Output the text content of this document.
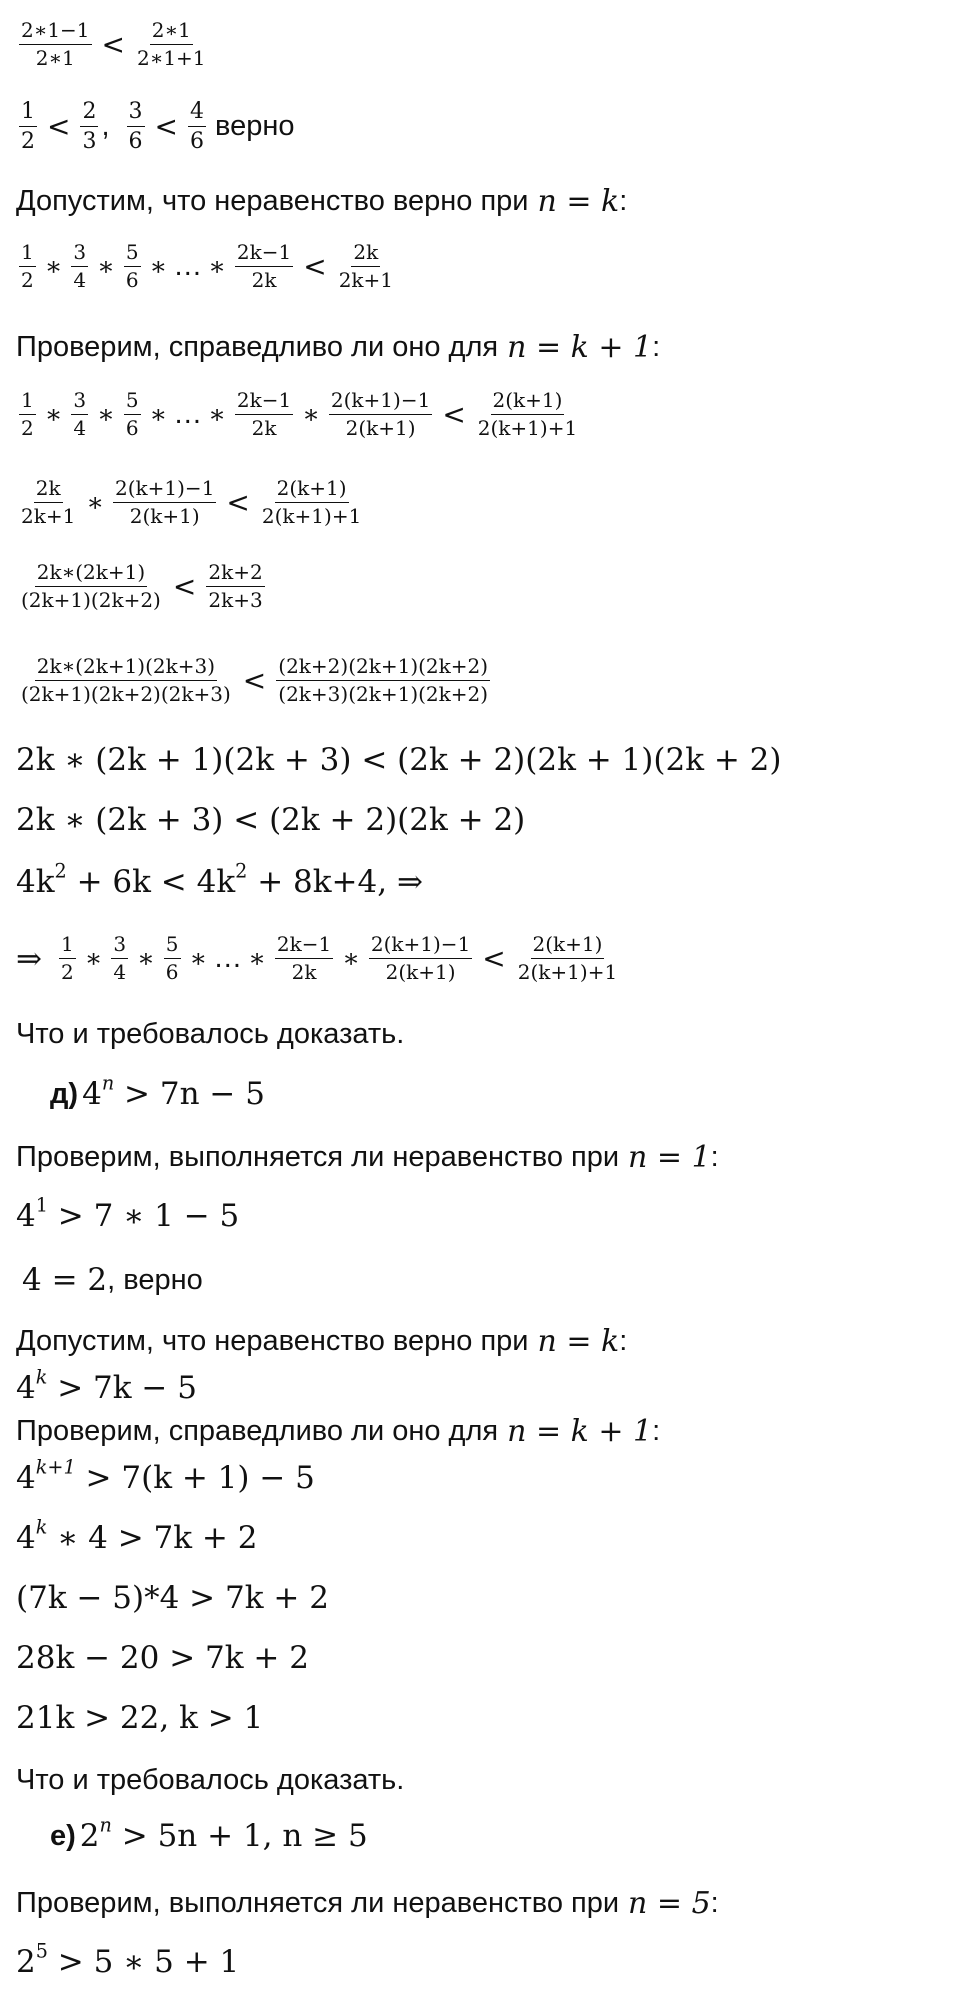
$\frac{2∗1-1}{2∗1} < \frac{2∗1}{2∗1+1}$
$\frac{1}{2} < \frac{2}{3}$ , $\frac{3}{6} < \frac{4}{6}$ верно
Допустим, что неравенство верно при n = k :
$\frac{1}{2}$ ∗ $\frac{3}{4}$ ∗ $\frac{5}{6}$ ∗ … ∗ $\frac{2k-1}{2k} < \frac{2k}{2k+1}$
Проверим, справедливо ли оно для n = k + 1 :
$\frac{1}{2}$ ∗ $\frac{3}{4}$ ∗ $\frac{5}{6}$ ∗ … ∗ $\frac{2k-1}{2k}$ ∗ $\frac{2(k+1)-1}{2(k+1)} < \frac{2(k+1)}{2(k+1)+1}$
$\frac{2k}{2k+1}$ ∗ $\frac{2(k+1)-1}{2(k+1)} < \frac{2(k+1)}{2(k+1)+1}$
$\frac{2k∗(2k+1)}{(2k+1)(2k+2)} < \frac{2k+2}{2k+3}$
$\frac{2k∗(2k+1)(2k+3)}{(2k+1)(2k+2)(2k+3)} < \frac{(2k+2)(2k+1)(2k+2)}{(2k+3)(2k+1)(2k+2)}$
2k ∗ (2k + 1)(2k + 3) < (2k + 2)(2k + 1)(2k + 2)
2k ∗ (2k + 3) < (2k + 2)(2k + 2)
$4k^2 + 6k < 4k^2 + 8k+4$, ⇒
⇒ $\frac{1}{2}$ ∗ $\frac{3}{4}$ ∗ $\frac{5}{6}$ ∗ … ∗ $\frac{2k-1}{2k}$ ∗ $\frac{2(k+1)-1}{2(k+1)} < \frac{2(k+1)}{2(k+1)+1}$
Что и требовалось доказать.
д) $4^n > 7n - 5$
Проверим, выполняется ли неравенство при n = 1 :
$4^1 > 7$ ∗ 1 − 5
4 = 2 , верно
Допустим, что неравенство верно при n = k :
$4^k > 7k - 5$
Проверим, справедливо ли оно для n = k + 1 :
$4^{k+1} > 7(k + 1) - 5$
4$^k$ ∗ 4 > 7k + 2
(7k − 5)*4 > 7k + 2
28k − 20 > 7k + 2
21k > 22, k > 1
Что и требовалось доказать.
е) $2^n > 5n + 1$, n ≥ 5
Проверим, выполняется ли неравенство при n = 5 :
$2^5 > 5$ ∗ 5 + 1
